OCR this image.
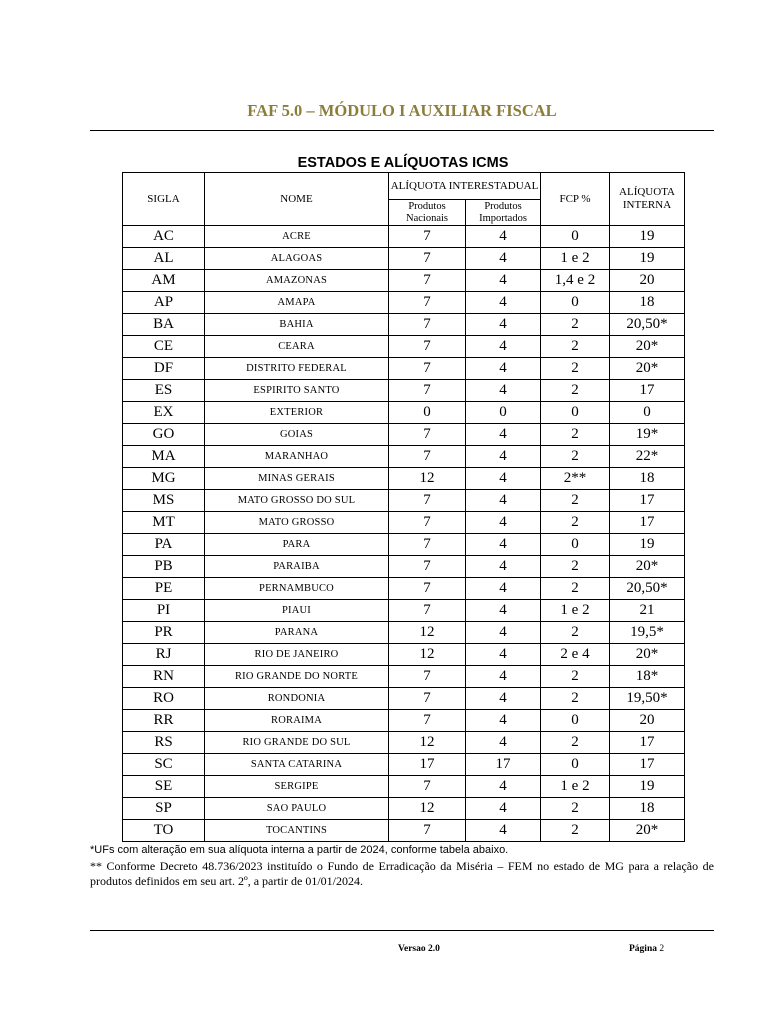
FAF 5.0 – MÓDULO I AUXILIAR FISCAL
ESTADOS E ALÍQUOTAS ICMS
SIGLA	NOME	ALÍQUOTA INTERESTADUAL		FCP %	ALÍQUOTA INTERNA
		Produtos Nacionais	Produtos Importados		
AC	ACRE	7	4	0	19
AL	ALAGOAS	7	4	1 e 2	19
AM	AMAZONAS	7	4	1,4 e 2	20
AP	AMAPA	7	4	0	18
BA	BAHIA	7	4	2	20,50*
CE	CEARA	7	4	2	20*
DF	DISTRITO FEDERAL	7	4	2	20*
ES	ESPIRITO SANTO	7	4	2	17
EX	EXTERIOR	0	0	0	0
GO	GOIAS	7	4	2	19*
MA	MARANHAO	7	4	2	22*
MG	MINAS GERAIS	12	4	2**	18
MS	MATO GROSSO DO SUL	7	4	2	17
MT	MATO GROSSO	7	4	2	17
PA	PARA	7	4	0	19
PB	PARAIBA	7	4	2	20*
PE	PERNAMBUCO	7	4	2	20,50*
PI	PIAUI	7	4	1 e 2	21
PR	PARANA	12	4	2	19,5*
RJ	RIO DE JANEIRO	12	4	2 e 4	20*
RN	RIO GRANDE DO NORTE	7	4	2	18*
RO	RONDONIA	7	4	2	19,50*
RR	RORAIMA	7	4	0	20
RS	RIO GRANDE DO SUL	12	4	2	17
SC	SANTA CATARINA	17	17	0	17
SE	SERGIPE	7	4	1 e 2	19
SP	SAO PAULO	12	4	2	18
TO	TOCANTINS	7	4	2	20*
*UFs com alteração em sua alíquota interna a partir de 2024, conforme tabela abaixo.
** Conforme Decreto 48.736/2023 instituído o Fundo de Erradicação da Miséria – FEM no estado de MG para a relação de produtos definidos em seu art. 2º, a partir de 01/01/2024.
Versao 2.0	Página 2
